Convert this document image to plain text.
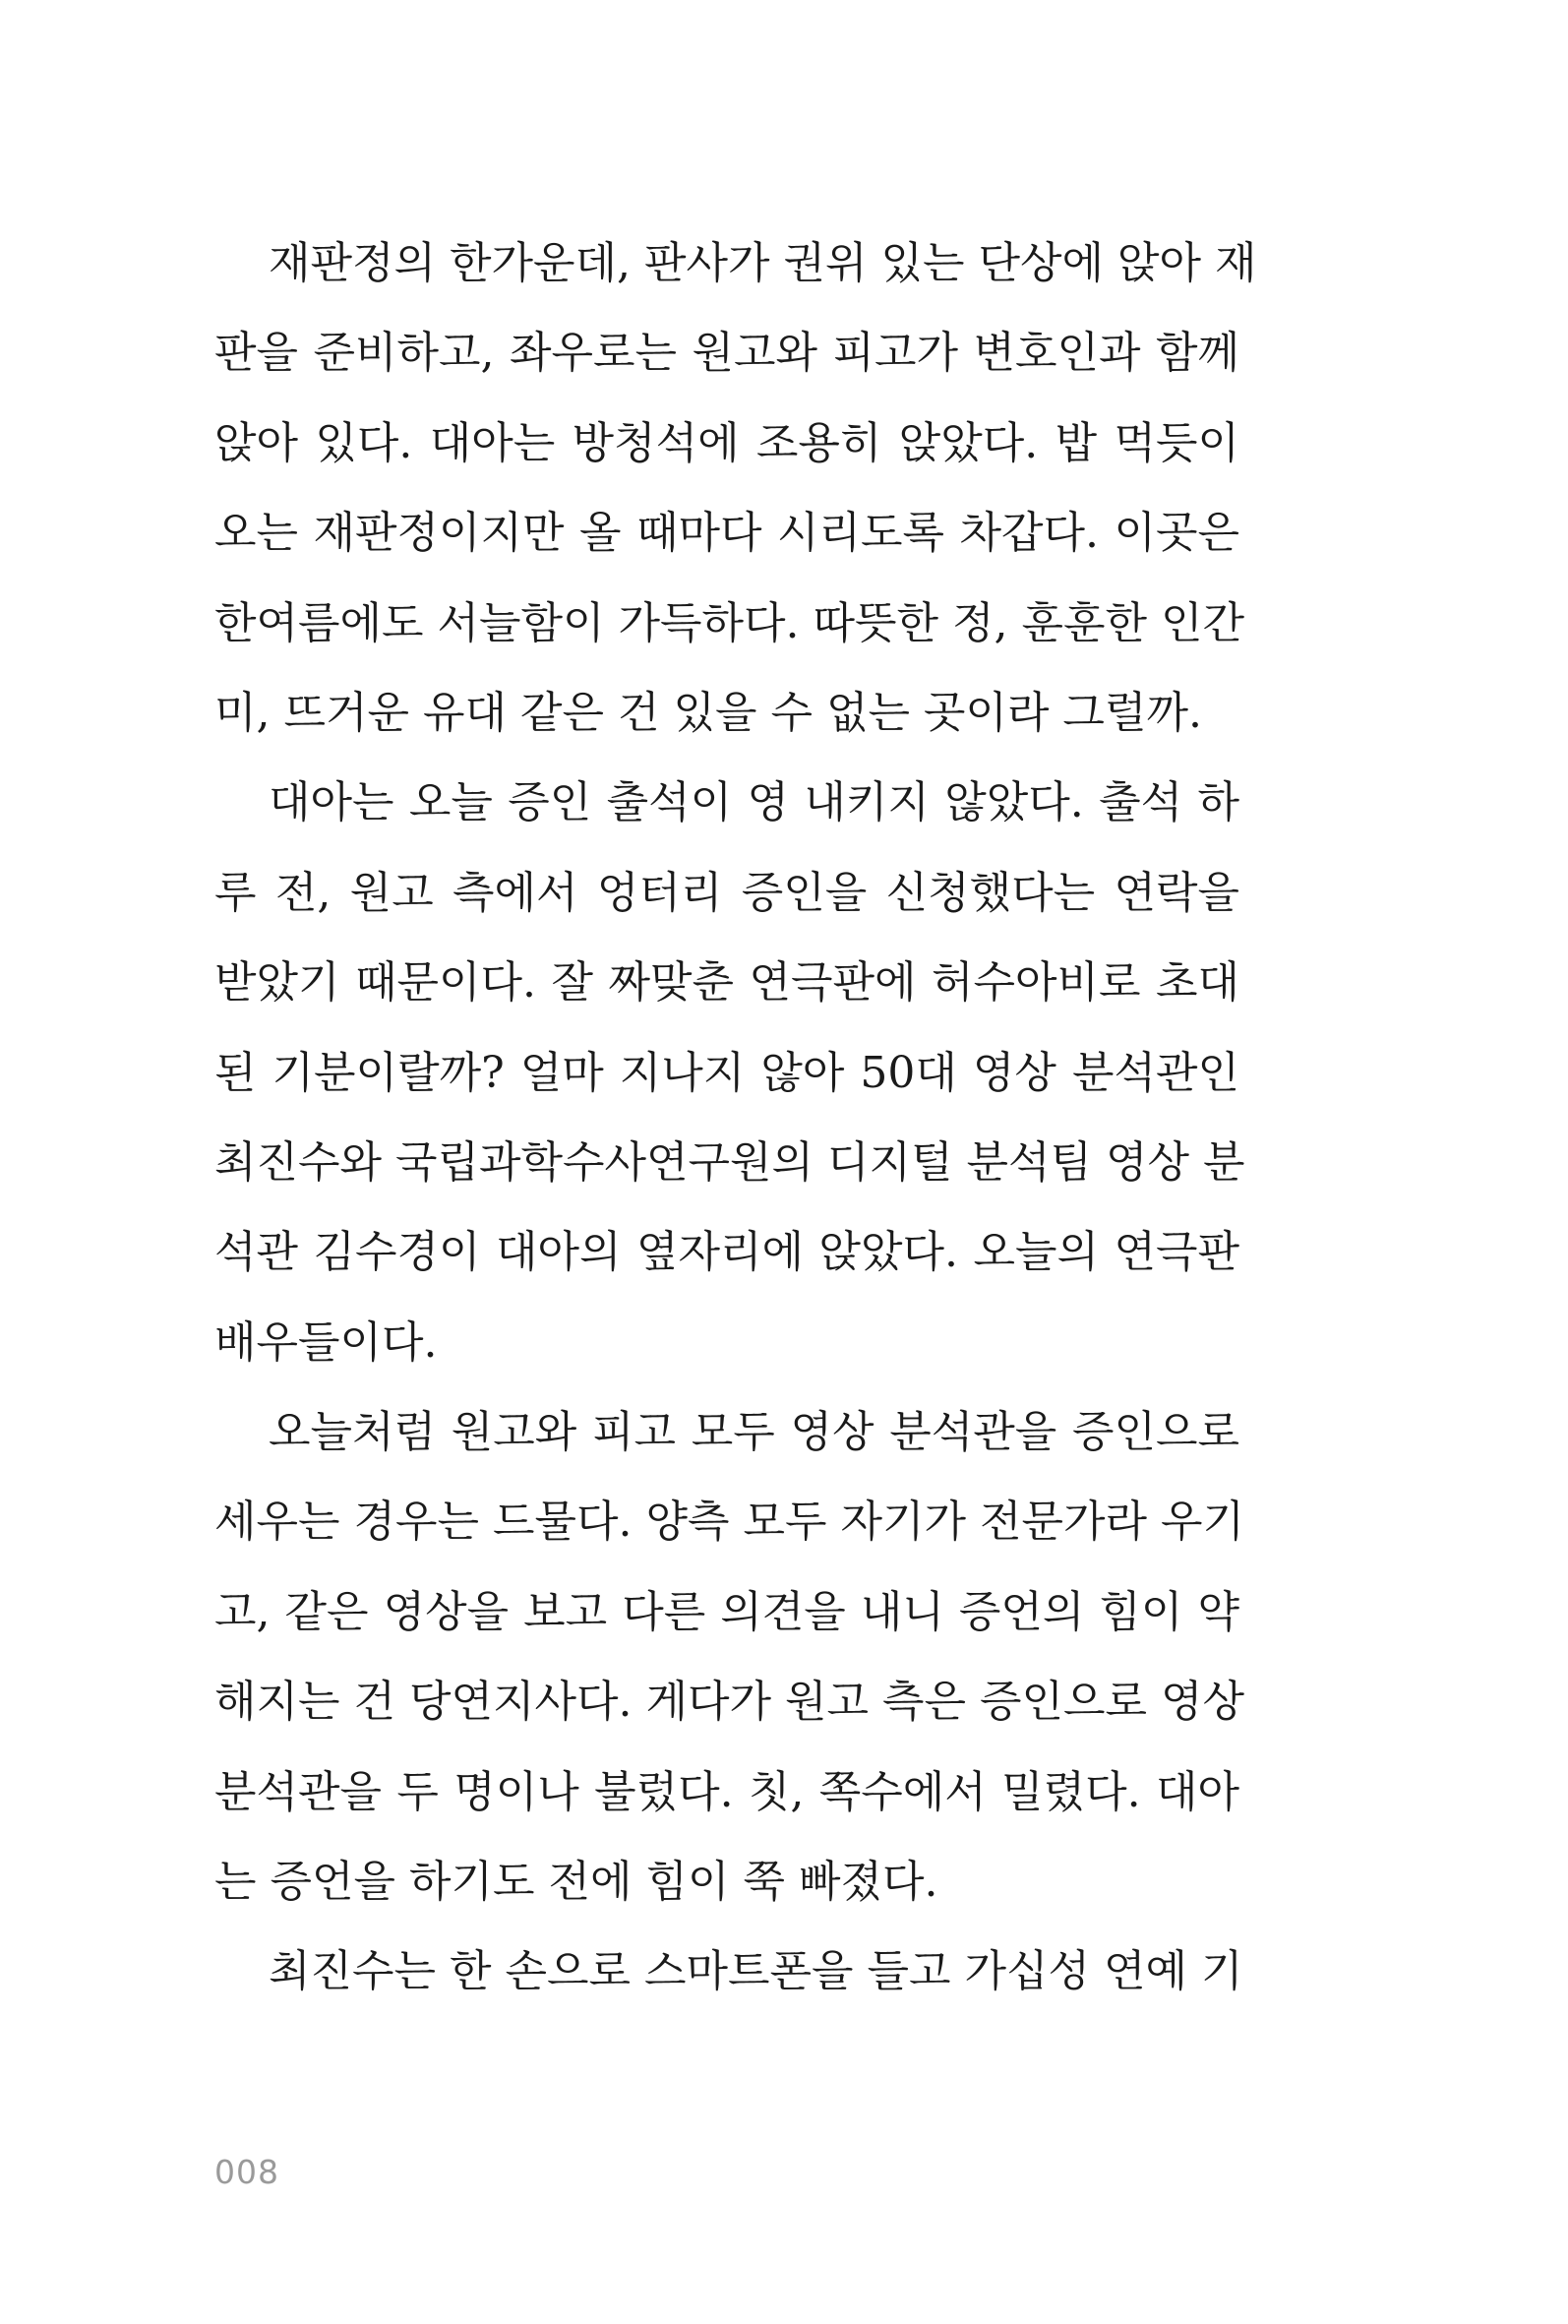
재판정의 한가운데, 판사가 권위 있는 단상에 앉아 재
판을 준비하고, 좌우로는 원고와 피고가 변호인과 함께
앉아 있다. 대아는 방청석에 조용히 앉았다. 밥 먹듯이
오는 재판정이지만 올 때마다 시리도록 차갑다. 이곳은
한여름에도 서늘함이 가득하다. 따뜻한 정, 훈훈한 인간
미, 뜨거운 유대 같은 건 있을 수 없는 곳이라 그럴까.
대아는 오늘 증인 출석이 영 내키지 않았다. 출석 하
루 전, 원고 측에서 엉터리 증인을 신청했다는 연락을
받았기 때문이다. 잘 짜맞춘 연극판에 허수아비로 초대
된 기분이랄까? 얼마 지나지 않아 50대 영상 분석관인
최진수와 국립과학수사연구원의 디지털 분석팀 영상 분
석관 김수경이 대아의 옆자리에 앉았다. 오늘의 연극판
배우들이다.
오늘처럼 원고와 피고 모두 영상 분석관을 증인으로
세우는 경우는 드물다. 양측 모두 자기가 전문가라 우기
고, 같은 영상을 보고 다른 의견을 내니 증언의 힘이 약
해지는 건 당연지사다. 게다가 원고 측은 증인으로 영상
분석관을 두 명이나 불렀다. 칫, 쪽수에서 밀렸다. 대아
는 증언을 하기도 전에 힘이 쭉 빠졌다.
최진수는 한 손으로 스마트폰을 들고 가십성 연예 기
008
